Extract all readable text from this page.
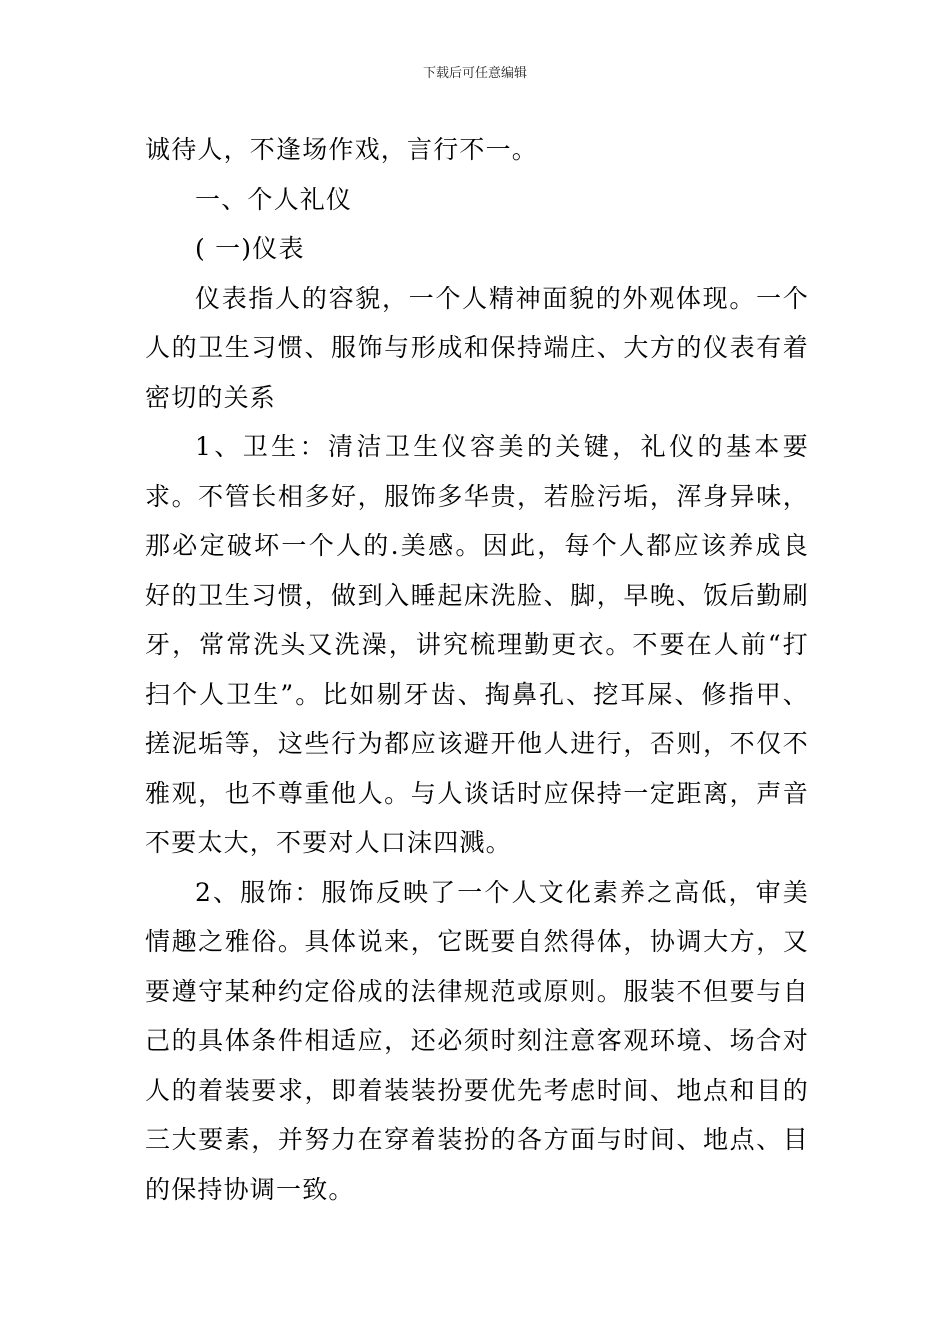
下载后可任意编辑

诚待人，不逢场作戏，言行不一。

一、个人礼仪

( 一)仪表

仪表指人的容貌，一个人精神面貌的外观体现。一个人的卫生习惯、服饰与形成和保持端庄、大方的仪表有着密切的关系

1、卫生：清洁卫生仪容美的关键，礼仪的基本要求。不管长相多好，服饰多华贵，若脸污垢，浑身异味，那必定破坏一个人的.美感。因此，每个人都应该养成良好的卫生习惯，做到入睡起床洗脸、脚，早晚、饭后勤刷牙，常常洗头又洗澡，讲究梳理勤更衣。不要在人前“打扫个人卫生”。比如剔牙齿、掏鼻孔、挖耳屎、修指甲、搓泥垢等，这些行为都应该避开他人进行，否则，不仅不雅观，也不尊重他人。与人谈话时应保持一定距离，声音不要太大，不要对人口沫四溅。

2、服饰：服饰反映了一个人文化素养之高低，审美情趣之雅俗。具体说来，它既要自然得体，协调大方，又要遵守某种约定俗成的法律规范或原则。服装不但要与自己的具体条件相适应，还必须时刻注意客观环境、场合对人的着装要求，即着装装扮要优先考虑时间、地点和目的三大要素，并努力在穿着装扮的各方面与时间、地点、目的保持协调一致。
